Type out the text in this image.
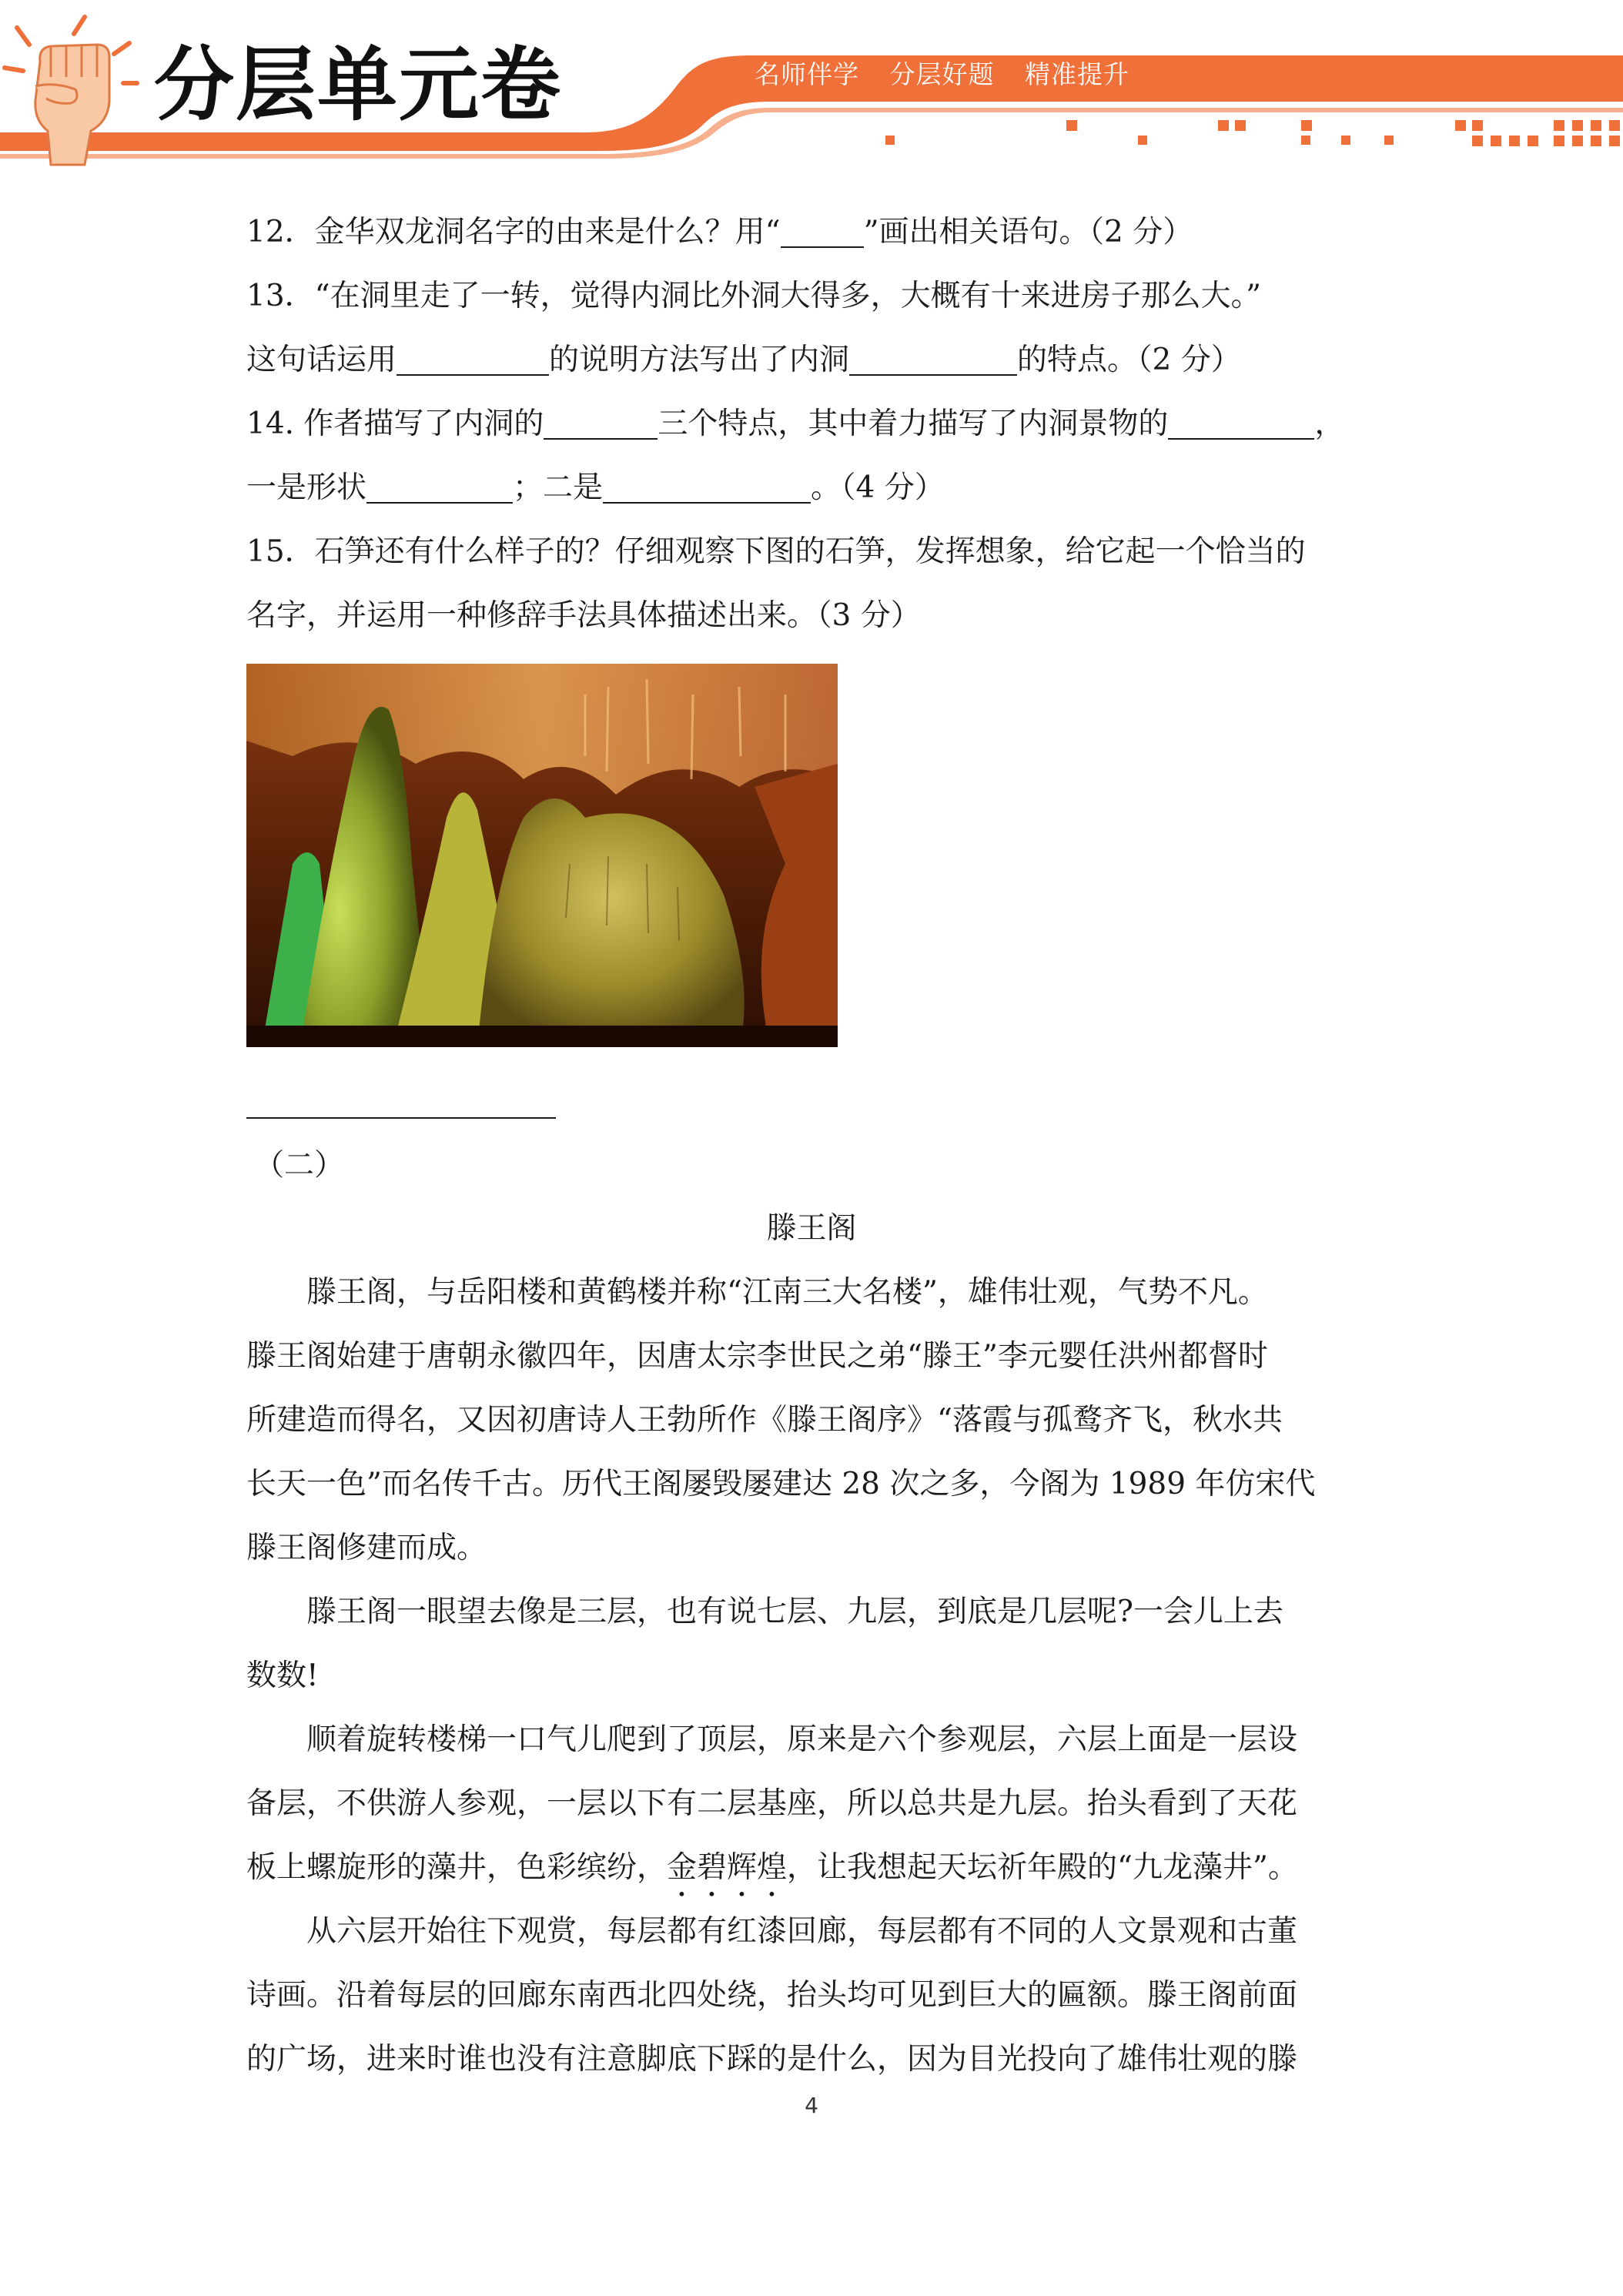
分层单元卷	名师伴学 分层好题 精准提升
12．金华双龙洞名字的由来是什么？用“	”画出相关语句。（2 分）
13．“在洞里走了一转，觉得内洞比外洞大得多，大概有十来进房子那么大。”
这句话运用	的说明方法写出了内洞	的特点。（2 分）
14. 作者描写了内洞的	三个特点，其中着力描写了内洞景物的	，
一是形状	；二是	。（4 分）
15．石笋还有什么样子的？仔细观察下图的石笋，发挥想象，给它起一个恰当的
名字，并运用一种修辞手法具体描述出来。（3 分）
（二）
滕王阁
滕王阁，与岳阳楼和黄鹤楼并称“江南三大名楼”，雄伟壮观，气势不凡。
滕王阁始建于唐朝永徽四年，因唐太宗李世民之弟“滕王”李元婴任洪州都督时
所建造而得名，又因初唐诗人王勃所作《滕王阁序》“落霞与孤鹜齐飞，秋水共
长天一色”而名传千古。历代王阁屡毁屡建达 28 次之多，今阁为 1989 年仿宋代
滕王阁修建而成。
滕王阁一眼望去像是三层，也有说七层、九层，到底是几层呢?一会儿上去
数数!
顺着旋转楼梯一口气儿爬到了顶层，原来是六个参观层，六层上面是一层设
备层，不供游人参观，一层以下有二层基座，所以总共是九层。抬头看到了天花
板上螺旋形的藻井，色彩缤纷，金碧辉煌，让我想起天坛祈年殿的“九龙藻井”。
从六层开始往下观赏，每层都有红漆回廊，每层都有不同的人文景观和古董
诗画。沿着每层的回廊东南西北四处绕，抬头均可见到巨大的匾额。滕王阁前面
的广场，进来时谁也没有注意脚底下踩的是什么，因为目光投向了雄伟壮观的滕
4
